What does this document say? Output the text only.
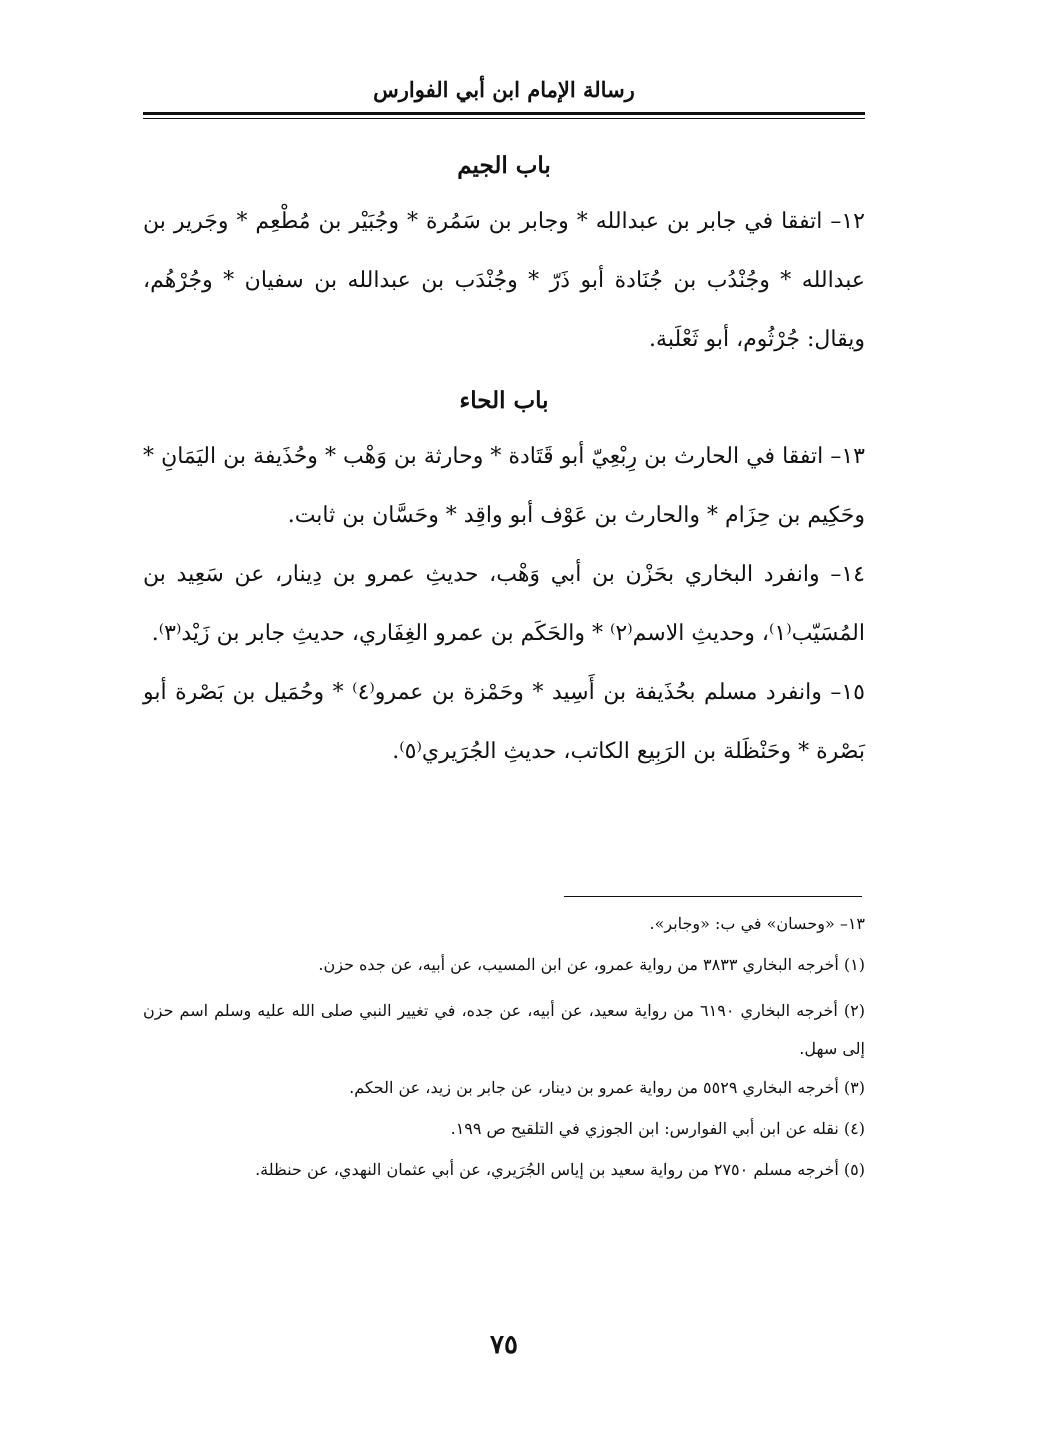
رسالة الإمام ابن أبي الفوارس
باب الجيم

١٢– اتفقا في جابر بن عبدالله * وجابر بن سَمُرة * وجُبَيْر بن مُطْعِم * وجَرير بن عبدالله * وجُنْدُب بن جُنَادة أبو ذَرّ * وجُنْدَب بن عبدالله بن سفيان * وجُرْهُم، ويقال: جُرْثُوم، أبو ثَعْلَبة.

باب الحاء

١٣– اتفقا في الحارث بن رِبْعِيّ أبو قَتَادة * وحارثة بن وَهْب * وحُذَيفة بن اليَمَانِ * وحَكِيم بن حِزَام * والحارث بن عَوْف أبو واقِد * وحَسَّان بن ثابت.

١٤– وانفرد البخاري بحَزْن بن أبي وَهْب، حديثِ عمرو بن دِينار، عن سَعِيد بن المُسَيّب⁽١⁾، وحديثِ الاسم⁽٢⁾ * والحَكَم بن عمرو الغِفَاري، حديثِ جابر بن زَيْد⁽٣⁾.

١٥– وانفرد مسلم بحُذَيفة بن أَسِيد * وحَمْزة بن عمرو⁽٤⁾ * وحُمَيل بن بَصْرة أبو بَصْرة * وحَنْظَلة بن الرَبِيع الكاتب، حديثِ الجُرَيري⁽٥⁾.

١٣– «وحسان» في ب: «وجابر».

(١) أخرجه البخاري ٣٨٣٣ من رواية عمرو، عن ابن المسيب، عن أبيه، عن جده حزن.

(٢) أخرجه البخاري ٦١٩٠ من رواية سعيد، عن أبيه، عن جده، في تغيير النبي صلى الله عليه وسلم اسم حزن إلى سهل.

(٣) أخرجه البخاري ٥٥٢٩ من رواية عمرو بن دينار، عن جابر بن زيد، عن الحكم.

(٤) نقله عن ابن أبي الفوارس: ابن الجوزي في التلقيح ص ١٩٩.

(٥) أخرجه مسلم ٢٧٥٠ من رواية سعيد بن إياس الجُرَيري، عن أبي عثمان النهدي، عن حنظلة.

٧٥
